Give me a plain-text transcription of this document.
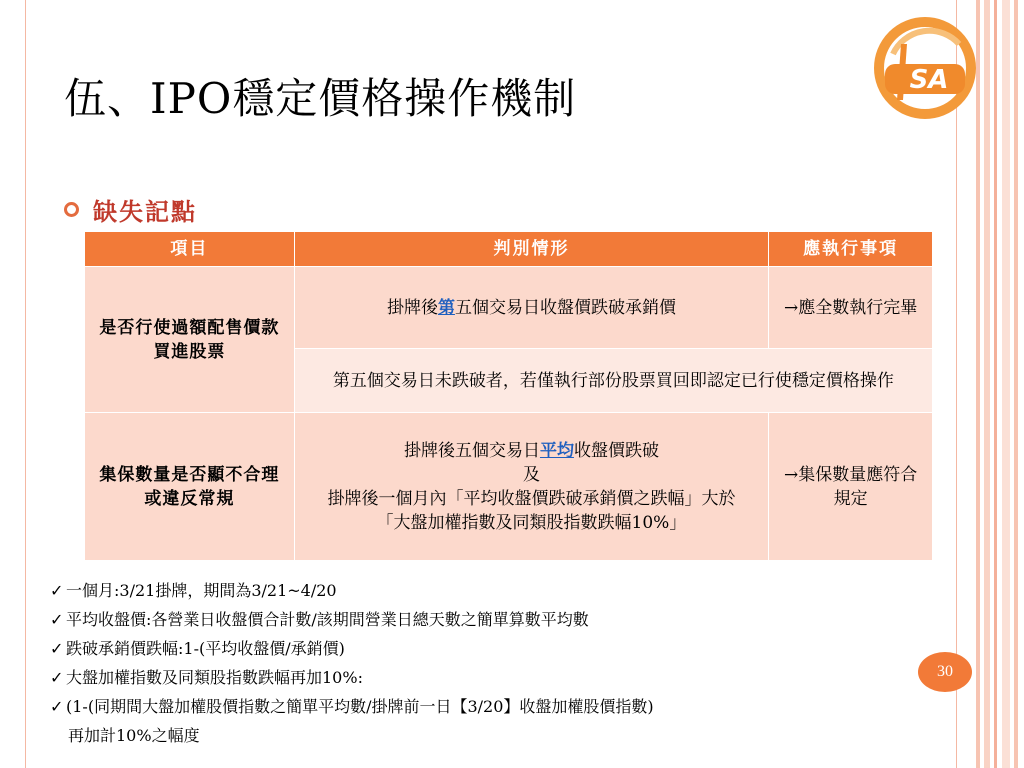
SA
伍、IPO穩定價格操作機制
缺失記點
項目	判別情形	應執行事項
是否行使過額配售價款買進股票	掛牌後第五個交易日收盤價跌破承銷價	→應全數執行完畢
	第五個交易日未跌破者，若僅執行部份股票買回即認定已行使穩定價格操作	
集保數量是否顯不合理或違反常規	掛牌後五個交易日平均收盤價跌破
及
掛牌後一個月內「平均收盤價跌破承銷價之跌幅」大於「大盤加權指數及同類股指數跌幅10%」	→集保數量應符合規定
✓ 一個月:3/21掛牌，期間為3/21~4/20
✓ 平均收盤價:各營業日收盤價合計數/該期間營業日總天數之簡單算數平均數
✓ 跌破承銷價跌幅:1-(平均收盤價/承銷價)
✓ 大盤加權指數及同類股指數跌幅再加10%:
✓ (1-(同期間大盤加權股價指數之簡單平均數/掛牌前一日【3/20】收盤加權股價指數)
再加計10%之幅度
30
